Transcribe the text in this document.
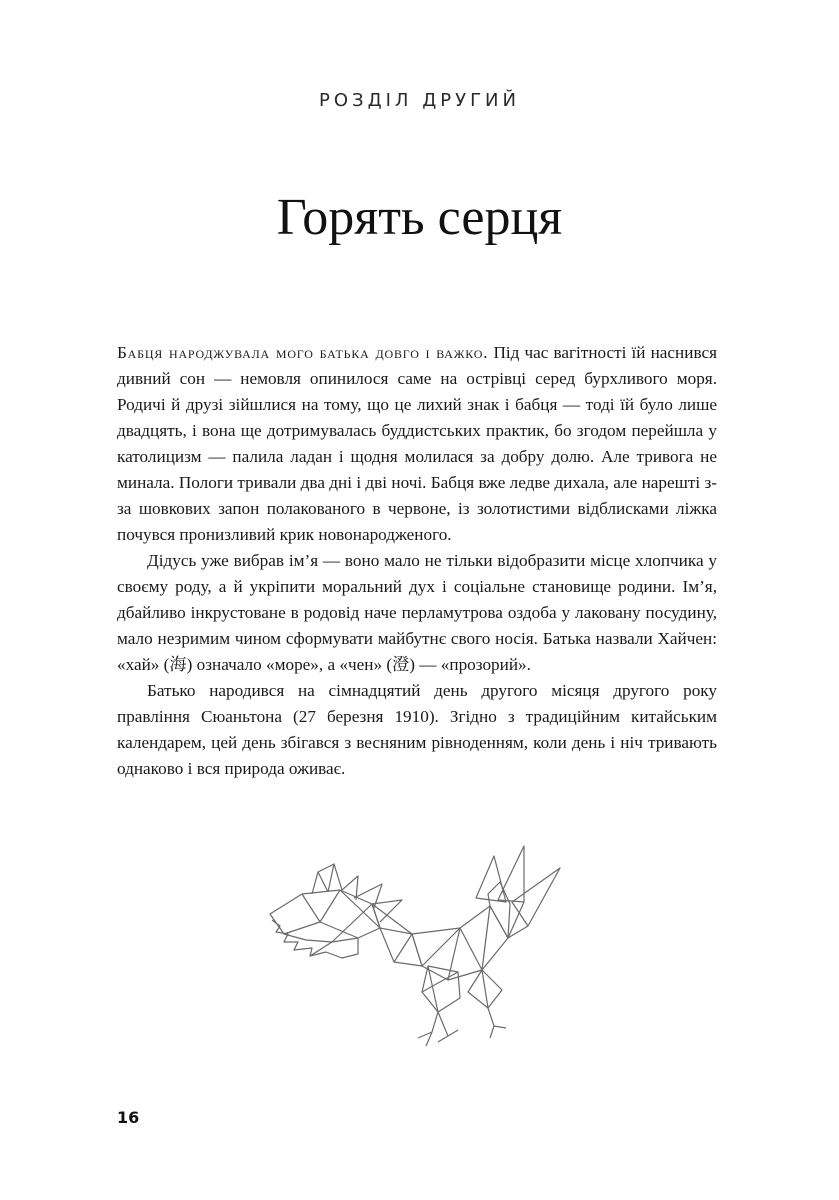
РОЗДІЛ ДРУГИЙ
Горять серця

Бабця народжувала мого батька довго і важко. Під час вагітності їй наснився дивний сон — немовля опинилося саме на острівці серед бурхливого моря. Родичі й друзі зійшлися на тому, що це лихий знак і бабця — тоді їй було лише двадцять, і вона ще дотримувалась буддистських практик, бо згодом перейшла у католицизм — палила ладан і щодня молилася за добру долю. Але тривога не минала. Пологи тривали два дні і дві ночі. Бабця вже ледве дихала, але нарешті з-за шовкових запон полакованого в червоне, із золотистими відблисками ліжка почувся пронизливий крик новонародженого.

Дідусь уже вибрав ім’я — воно мало не тільки відобразити місце хлопчика у своєму роду, а й укріпити моральний дух і соціальне становище родини. Ім’я, дбайливо інкрустоване в родовід наче перламутрова оздоба у лаковану посудину, мало незримим чином сформувати майбутнє свого носія. Батька назвали Хайчен: «хай» (海) означало «море», а «чен» (澄) — «прозорий».

Батько народився на сімнадцятий день другого місяця другого року правління Сюаньтона (27 березня 1910). Згідно з традиційним китайським календарем, цей день збігався з весняним рівноденням, коли день і ніч тривають однаково і вся природа оживає.

16
